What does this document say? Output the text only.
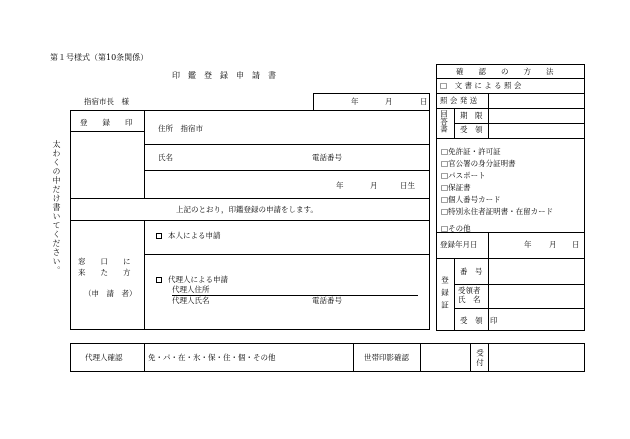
第１号様式（第10条関係）
印　鑑　登　録　申　請　書
太わくの中だけ書いてください。
指宿市長　様	年	月	日
登　　録　　印
住所　指宿市
氏名	電話番号
年	月	日生
上記のとおり，印鑑登録の申請をします。
窓　　口　　に
来　　た　　方
（申　請　者）
本人による申請
代理人による申請
代理人住所
代理人氏名	電話番号
確　　認　　の　　方　　法
□　文 書 に よ る 照 会
照 会 発 送
回答書 期　限
受　領
□免許証・許可証
□官公署の身分証明書
□パスポート
□保証書
□個人番号カード
□特別永住者証明書・在留カード
□その他
登録年月日	年 月 日
登録証
番　号
受領者
氏　名
受　領　印
代理人確認	免・パ・在・氷・保・住・個・その他	世帯印影確認	受付
